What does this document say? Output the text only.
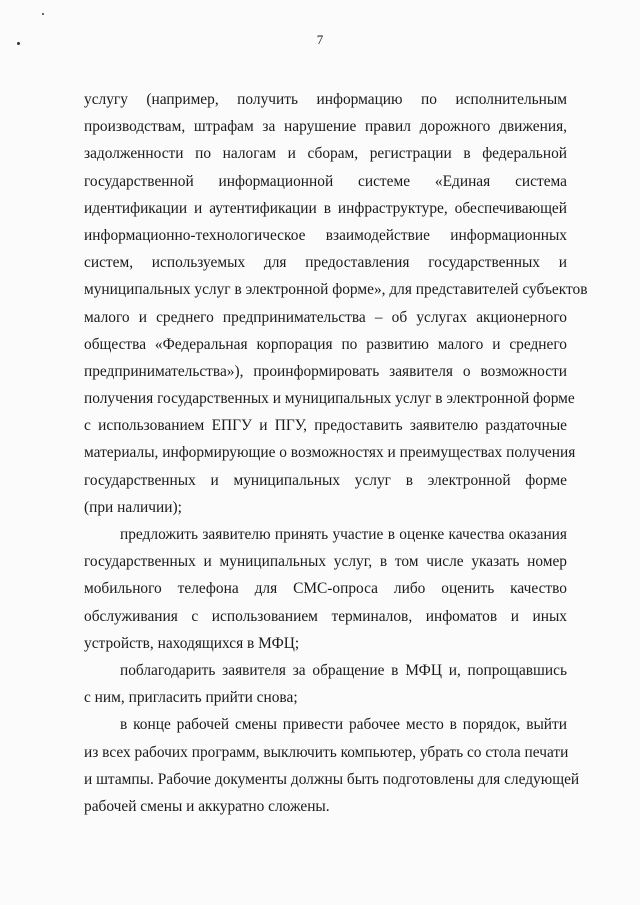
7
услугу (например, получить информацию по исполнительным
производствам, штрафам за нарушение правил дорожного движения,
задолженности по налогам и сборам, регистрации в федеральной
государственной информационной системе «Единая система
идентификации и аутентификации в инфраструктуре, обеспечивающей
информационно-технологическое взаимодействие информационных
систем, используемых для предоставления государственных и
муниципальных услуг в электронной форме», для представителей субъектов
малого и среднего предпринимательства – об услугах акционерного
общества «Федеральная корпорация по развитию малого и среднего
предпринимательства»), проинформировать заявителя о возможности
получения государственных и муниципальных услуг в электронной форме
с использованием ЕПГУ и ПГУ, предоставить заявителю раздаточные
материалы, информирующие о возможностях и преимуществах получения
государственных и муниципальных услуг в электронной форме
(при наличии);
предложить заявителю принять участие в оценке качества оказания
государственных и муниципальных услуг, в том числе указать номер
мобильного телефона для СМС-опроса либо оценить качество
обслуживания с использованием терминалов, инфоматов и иных
устройств, находящихся в МФЦ;
поблагодарить заявителя за обращение в МФЦ и, попрощавшись
с ним, пригласить прийти снова;
в конце рабочей смены привести рабочее место в порядок, выйти
из всех рабочих программ, выключить компьютер, убрать со стола печати
и штампы. Рабочие документы должны быть подготовлены для следующей
рабочей смены и аккуратно сложены.
